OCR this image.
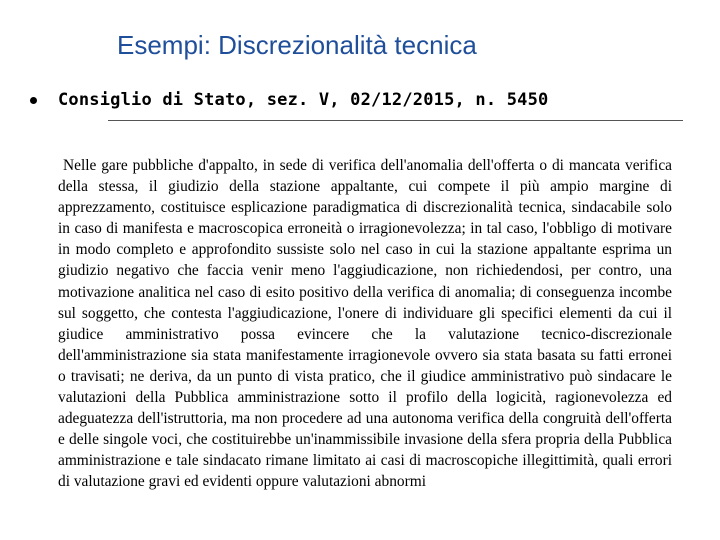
Esempi: Discrezionalità tecnica
Consiglio di Stato, sez. V, 02/12/2015, n. 5450

Nelle gare pubbliche d'appalto, in sede di verifica dell'anomalia dell'offerta o di mancata verifica della stessa, il giudizio della stazione appaltante, cui compete il più ampio margine di apprezzamento, costituisce esplicazione paradigmatica di discrezionalità tecnica, sindacabile solo in caso di manifesta e macroscopica erroneità o irragionevolezza; in tal caso, l'obbligo di motivare in modo completo e approfondito sussiste solo nel caso in cui la stazione appaltante esprima un giudizio negativo che faccia venir meno l'aggiudicazione, non richiedendosi, per contro, una motivazione analitica nel caso di esito positivo della verifica di anomalia; di conseguenza incombe sul soggetto, che contesta l'aggiudicazione, l'onere di individuare gli specifici elementi da cui il giudice amministrativo possa evincere che la valutazione tecnico-discrezionale dell'amministrazione sia stata manifestamente irragionevole ovvero sia stata basata su fatti erronei o travisati; ne deriva, da un punto di vista pratico, che il giudice amministrativo può sindacare le valutazioni della Pubblica amministrazione sotto il profilo della logicità, ragionevolezza ed adeguatezza dell'istruttoria, ma non procedere ad una autonoma verifica della congruità dell'offerta e delle singole voci, che costituirebbe un'inammissibile invasione della sfera propria della Pubblica amministrazione e tale sindacato rimane limitato ai casi di macroscopiche illegittimità, quali errori di valutazione gravi ed evidenti oppure valutazioni abnormi
